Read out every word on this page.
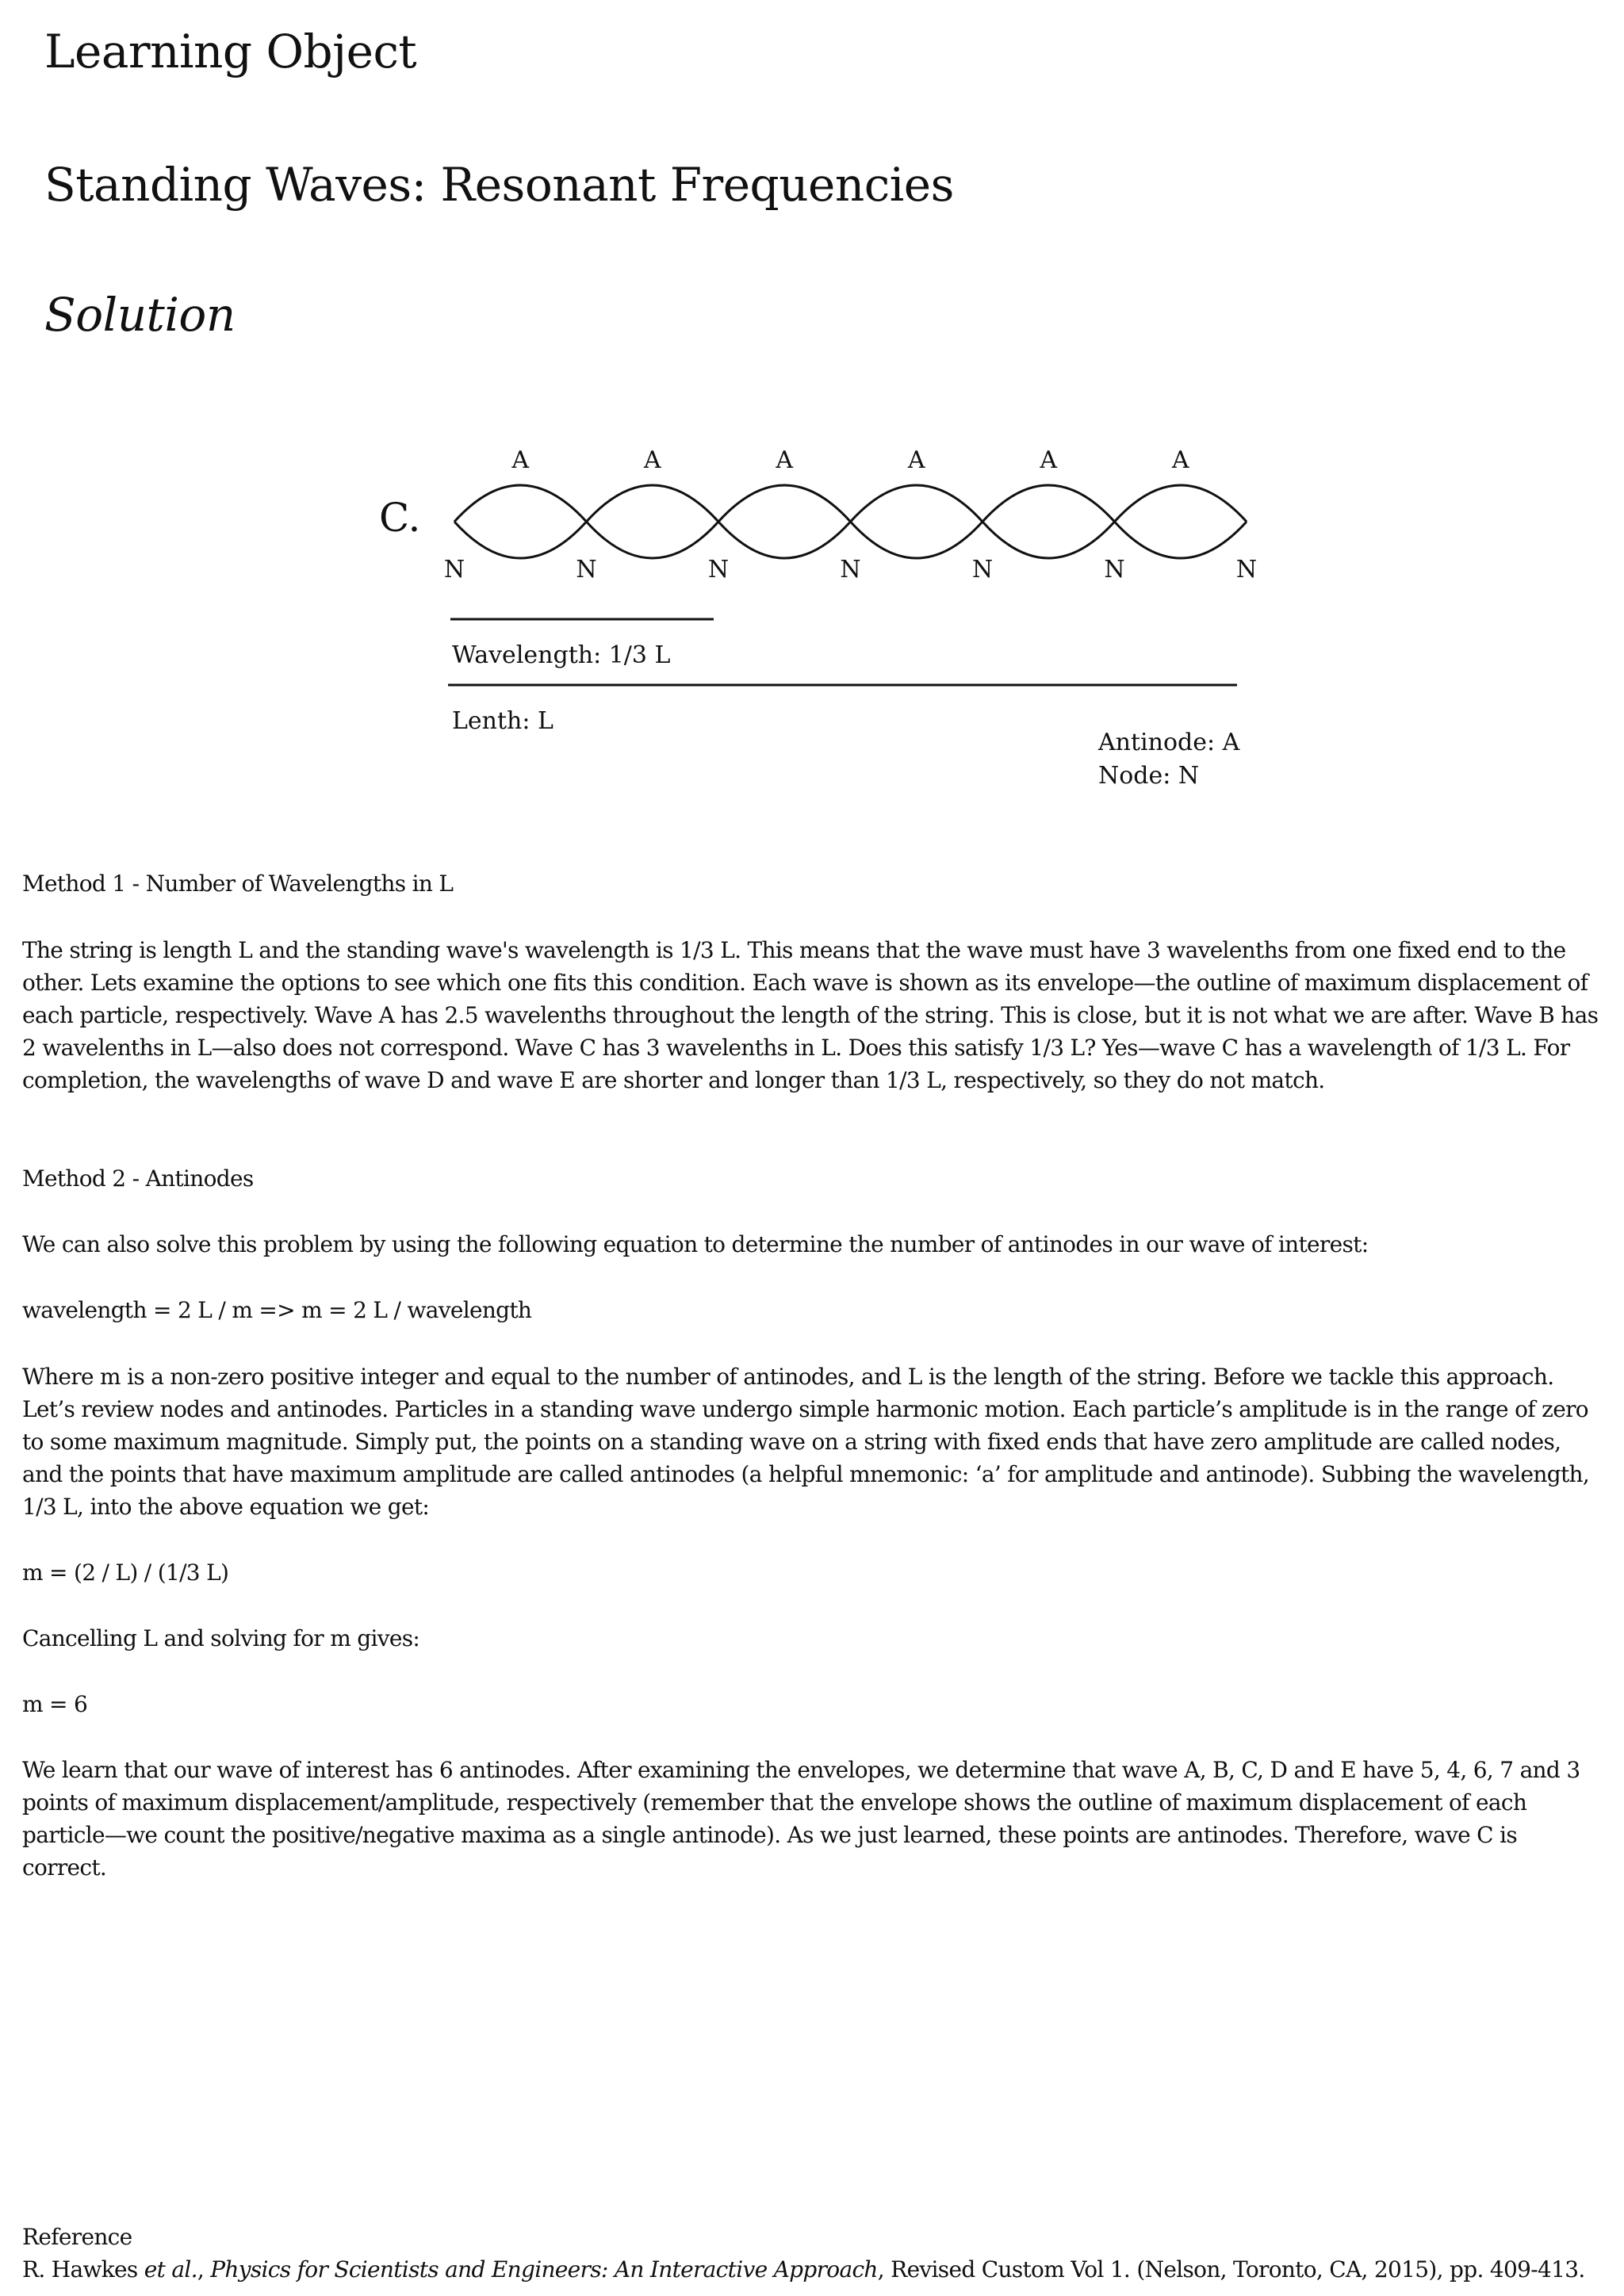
Learning Object
Standing Waves: Resonant Frequencies
Solution
C.
A	A	A	A	A	A
N	N	N	N	N	N	N
Wavelength: 1/3 L
Lenth: L
Antinode: A
Node: N

Method 1 - Number of Wavelengths in L

The string is length L and the standing wave's wavelength is 1/3 L. This means that the wave must have 3 wavelenths from one fixed end to the other. Lets examine the options to see which one fits this condition. Each wave is shown as its envelope—the outline of maximum displacement of each particle, respectively. Wave A has 2.5 wavelenths throughout the length of the string. This is close, but it is not what we are after. Wave B has 2 wavelenths in L—also does not correspond. Wave C has 3 wavelenths in L. Does this satisfy 1/3 L? Yes—wave C has a wavelength of 1/3 L. For completion, the wavelengths of wave D and wave E are shorter and longer than 1/3 L, respectively, so they do not match.

Method 2 - Antinodes

We can also solve this problem by using the following equation to determine the number of antinodes in our wave of interest:

wavelength = 2 L / m => m = 2 L / wavelength

Where m is a non-zero positive integer and equal to the number of antinodes, and L is the length of the string. Before we tackle this approach. Let’s review nodes and antinodes. Particles in a standing wave undergo simple harmonic motion. Each particle’s amplitude is in the range of zero to some maximum magnitude. Simply put, the points on a standing wave on a string with fixed ends that have zero amplitude are called nodes, and the points that have maximum amplitude are called antinodes (a helpful mnemonic: ‘a’ for amplitude and antinode). Subbing the wavelength, 1/3 L, into the above equation we get:

m = (2 / L) / (1/3 L)

Cancelling L and solving for m gives:

m = 6

We learn that our wave of interest has 6 antinodes. After examining the envelopes, we determine that wave A, B, C, D and E have 5, 4, 6, 7 and 3 points of maximum displacement/amplitude, respectively (remember that the envelope shows the outline of maximum displacement of each particle—we count the positive/negative maxima as a single antinode). As we just learned, these points are antinodes. Therefore, wave C is correct.

Reference

R. Hawkes et al., Physics for Scientists and Engineers: An Interactive Approach, Revised Custom Vol 1. (Nelson, Toronto, CA, 2015), pp. 409-413.
